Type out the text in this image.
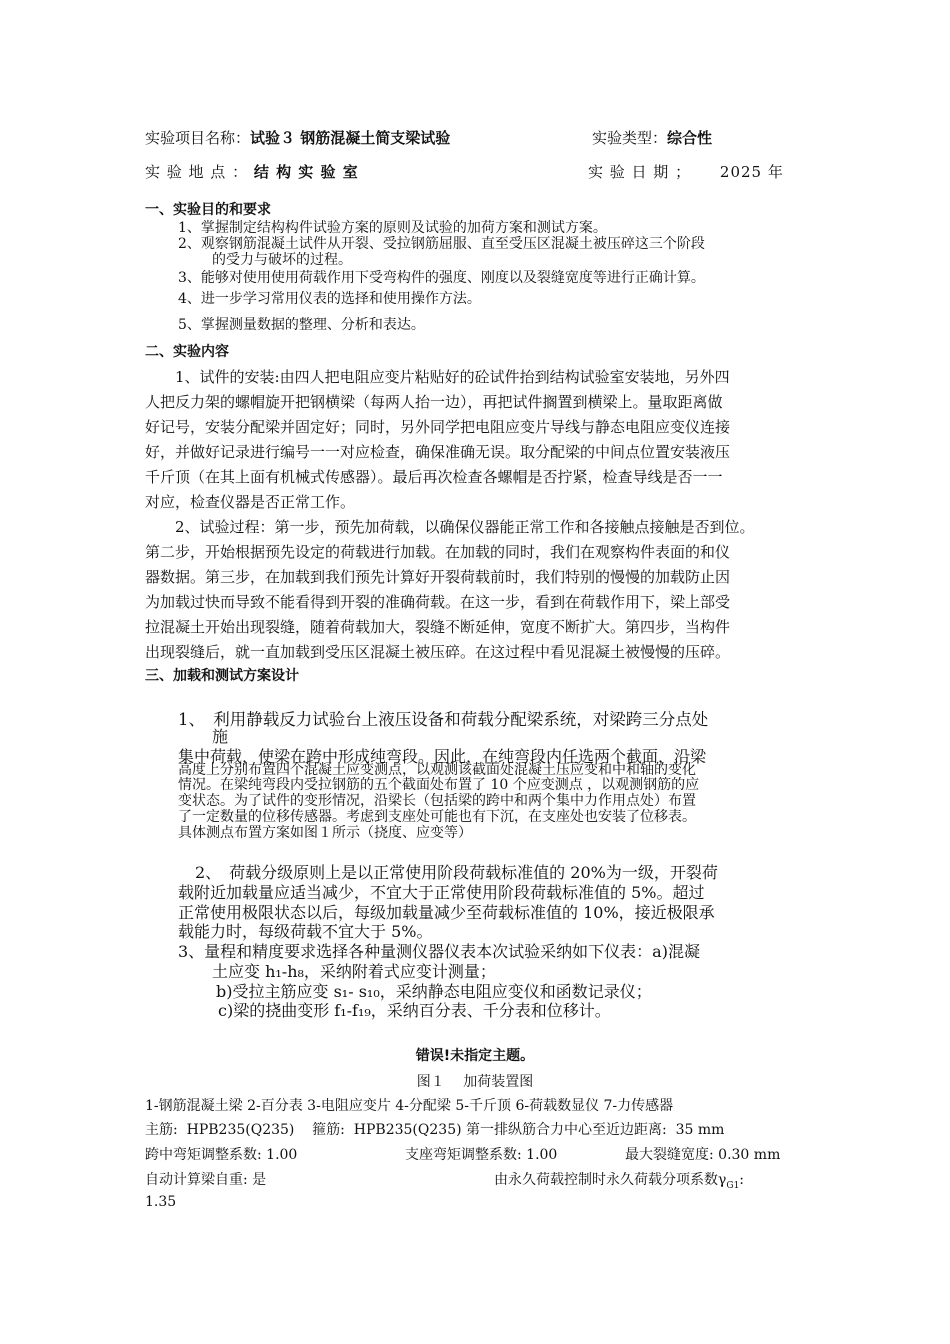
实验项目名称：试验３ 钢筋混凝土简支梁试验	实验类型：综合性
实 验 地 点 ： 结 构 实 验 室	实 验 日 期 ； 2025 年
一、实验目的和要求
1、掌握制定结构构件试验方案的原则及试验的加荷方案和测试方案。
2、观察钢筋混凝土试件从开裂、受拉钢筋屈服、直至受压区混凝土被压碎这三个阶段
的受力与破坏的过程。
3、能够对使用使用荷载作用下受弯构件的强度、刚度以及裂缝宽度等进行正确计算。
4、进一步学习常用仪表的选择和使用操作方法。
5、掌握测量数据的整理、分析和表达。
二、实验内容
1、试件的安装:由四人把电阻应变片粘贴好的砼试件抬到结构试验室安装地，另外四
人把反力架的螺帽旋开把钢横梁（每两人抬一边），再把试件搁置到横梁上。量取距离做
好记号，安装分配梁并固定好；同时，另外同学把电阻应变片导线与静态电阻应变仪连接
好，并做好记录进行编号一一对应检查，确保准确无误。取分配梁的中间点位置安装液压
千斤顶（在其上面有机械式传感器）。最后再次检查各螺帽是否拧紧，检查导线是否一一
对应，检查仪器是否正常工作。
2、试验过程：第一步，预先加荷载，以确保仪器能正常工作和各接触点接触是否到位。
第二步，开始根据预先设定的荷载进行加载。在加载的同时，我们在观察构件表面的和仪
器数据。第三步，在加载到我们预先计算好开裂荷载前时，我们特别的慢慢的加载防止因
为加载过快而导致不能看得到开裂的准确荷载。在这一步，看到在荷载作用下，梁上部受
拉混凝土开始出现裂缝，随着荷载加大，裂缝不断延伸，宽度不断扩大。第四步，当构件
出现裂缝后，就一直加载到受压区混凝土被压碎。在这过程中看见混凝土被慢慢的压碎。
三、加载和测试方案设计
1、　利用静载反力试验台上液压设备和荷载分配梁系统，对梁跨三分点处
施
集中荷载，使梁在跨中形成纯弯段。因此，在纯弯段内任选两个截面，沿梁
高度上分别布置四个混凝土应变测点，以观测该截面处混凝土压应变和中和轴的变化
情况。在梁纯弯段内受拉钢筋的五个截面处布置了 10 个应变测点 ，以观测钢筋的应
变状态。为了试件的变形情况，沿梁长（包括梁的跨中和两个集中力作用点处）布置
了一定数量的位移传感器。考虑到支座处可能也有下沉，在支座处也安装了位移表。
具体测点布置方案如图１所示（挠度、应变等）
2、　荷载分级原则上是以正常使用阶段荷载标准值的 20%为一级，开裂荷
载附近加载量应适当减少，不宜大于正常使用阶段荷载标准值的 5%。超过
正常使用极限状态以后，每级加载量减少至荷载标准值的 10%，接近极限承
载能力时，每级荷载不宜大于 5%。
3、量程和精度要求选择各种量测仪器仪表本次试验采纳如下仪表：a)混凝
土应变 h₁-h₈，采纳附着式应变计测量；
b)受拉主筋应变 s₁- s₁₀，采纳静态电阻应变仪和函数记录仪；
c)梁的挠曲变形 f₁-f₁₉，采纳百分表、千分表和位移计。
错误!未指定主题。
图１　 加荷装置图
1-钢筋混凝土梁 2-百分表 3-电阻应变片 4-分配梁 5-千斤顶 6-荷载数显仪 7-力传感器
主筋:  HPB235(Q235)    箍筋:  HPB235(Q235) 第一排纵筋合力中心至近边距离:  35 mm
跨中弯矩调整系数: 1.00	支座弯矩调整系数: 1.00	最大裂缝宽度: 0.30 mm
自动计算梁自重: 是	由永久荷载控制时永久荷载分项系数$\gamma_{G1}$:
1.35
